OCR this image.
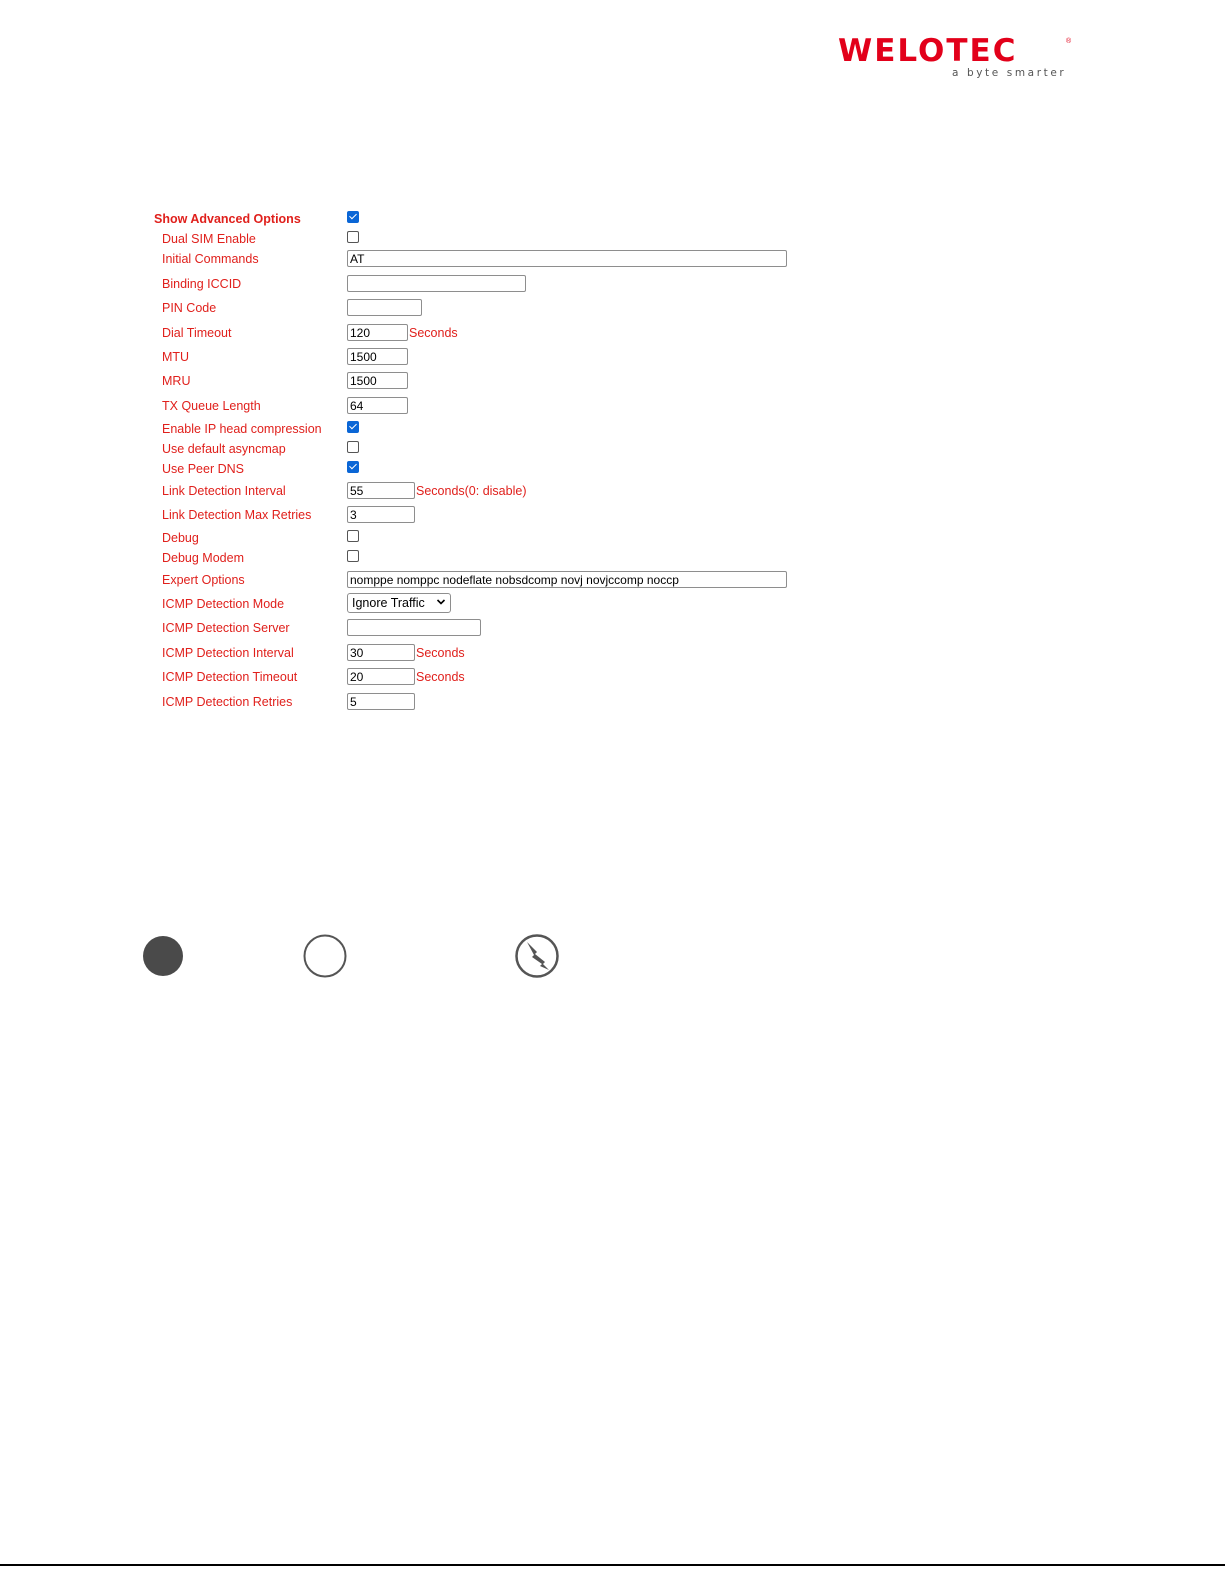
WELOTEC	®
a byte smarter
Show Advanced Options
Dual SIM Enable
Initial Commands	AT
Binding ICCID
PIN Code
Dial Timeout	120	Seconds
MTU	1500
MRU	1500
TX Queue Length	64
Enable IP head compression
Use default asyncmap
Use Peer DNS
Link Detection Interval	55	Seconds(0: disable)
Link Detection Max Retries	3
Debug
Debug Modem
Expert Options	nomppe nomppc nodeflate nobsdcomp novj novjccomp noccp
ICMP Detection Mode	Ignore Traffic
ICMP Detection Server
ICMP Detection Interval	30	Seconds
ICMP Detection Timeout	20	Seconds
ICMP Detection Retries	5
